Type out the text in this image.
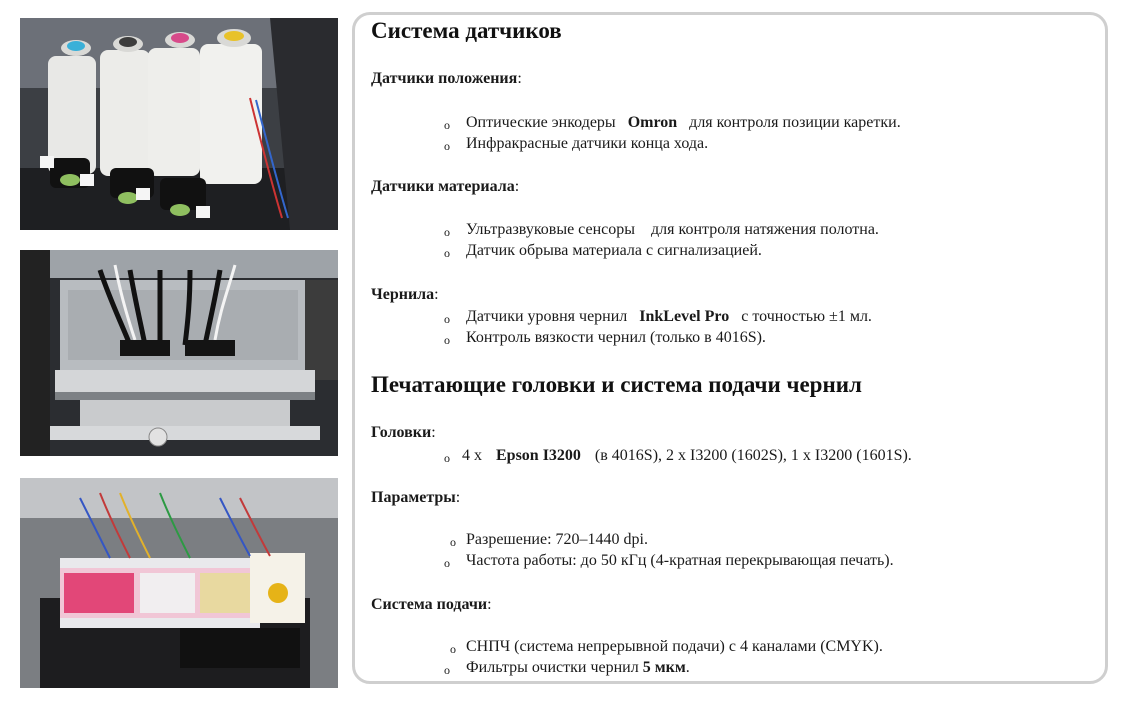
Система датчиков
Датчики положения:
o Оптические энкодеры Omron для контроля позиции каретки.
o Инфракрасные датчики конца хода.
Датчики материала:
o Ультразвуковые сенсоры для контроля натяжения полотна.
o Датчик обрыва материала с сигнализацией.
Чернила:
o Датчики уровня чернил InkLevel Pro с точностью ±1 мл.
o Контроль вязкости чернил (только в 4016S).
Печатающие головки и система подачи чернил
Головки:
o 4 x Epson I3200 (в 4016S), 2 x I3200 (1602S), 1 x I3200 (1601S).
Параметры:
o Разрешение: 720–1440 dpi.
o Частота работы: до 50 кГц (4-кратная перекрывающая печать).
Система подачи:
o СНПЧ (система непрерывной подачи) с 4 каналами (CMYK).
o Фильтры очистки чернил 5 мкм.
